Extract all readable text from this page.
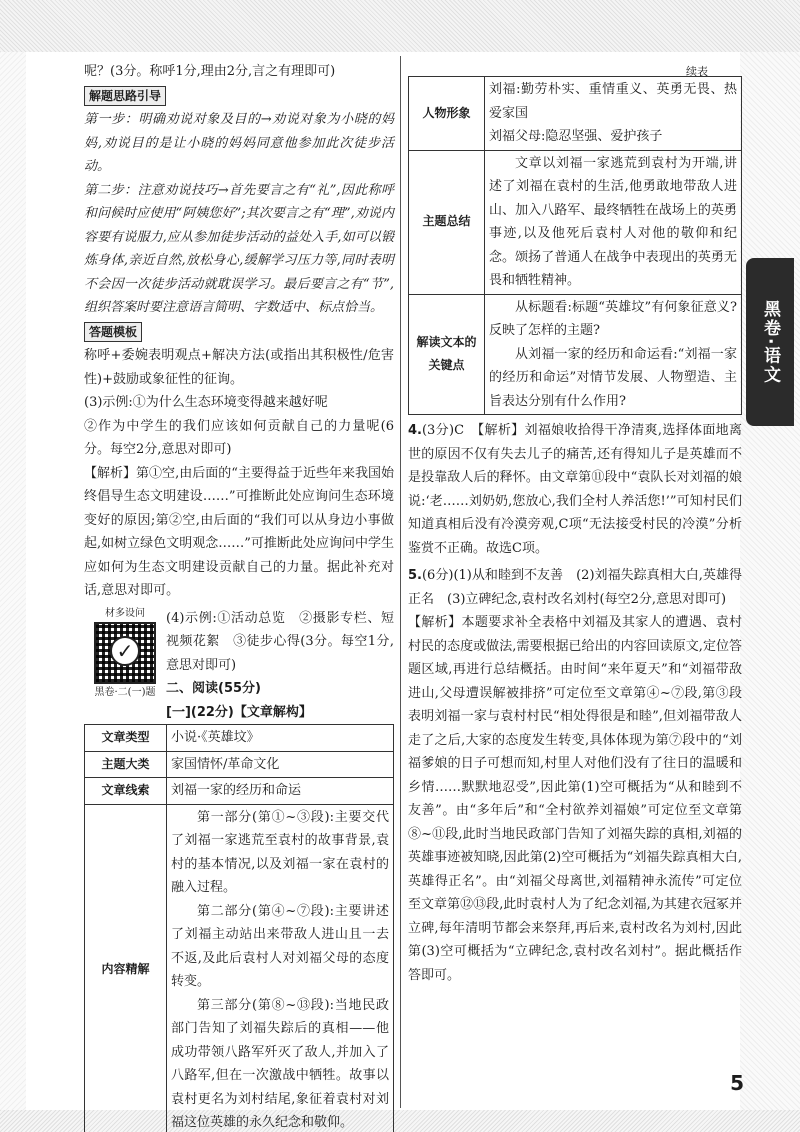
续表

呢？(3分。称呼1分,理由2分,言之有理即可)

解题思路引导

第一步：明确劝说对象及目的→劝说对象为小晓的妈妈,劝说目的是让小晓的妈妈同意他参加此次徒步活动。

第二步：注意劝说技巧→首先要言之有“礼”,因此称呼和问候时应使用“阿姨您好”;其次要言之有“理”,劝说内容要有说服力,应从参加徒步活动的益处入手,如可以锻炼身体,亲近自然,放松身心,缓解学习压力等,同时表明不会因一次徒步活动就耽误学习。最后要言之有“节”,组织答案时要注意语言简明、字数适中、标点恰当。

答题模板

称呼+委婉表明观点+解决方法(或指出其积极性/危害性)+鼓励或象征性的征询。

(3)示例:①为什么生态环境变得越来越好呢

②作为中学生的我们应该如何贡献自己的力量呢(6分。每空2分,意思对即可)

【解析】第①空,由后面的“主要得益于近些年来我国始终倡导生态文明建设……”可推断此处应询问生态环境变好的原因;第②空,由后面的“我们可以从身边小事做起,如树立绿色文明观念……”可推断此处应询问中学生应如何为生态文明建设贡献自己的力量。据此补充对话,意思对即可。

材多设问
✓
黑卷·二(一)题

(4)示例:①活动总览　②摄影专栏、短视频花絮　③徒步心得(3分。每空1分,意思对即可)

二、阅读(55分)

[一](22分)【文章解构】

文章类型	小说·《英雄坟》
主题大类	家国情怀/革命文化
文章线索	刘福一家的经历和命运
内容精解	第一部分(第①~③段):主要交代了刘福一家逃荒至袁村的故事背景,袁村的基本情况,以及刘福一家在袁村的融入过程。

第二部分(第④~⑦段):主要讲述了刘福主动站出来带敌人进山且一去不返,及此后袁村人对刘福父母的态度转变。

第三部分(第⑧~⑬段):当地民政部门告知了刘福失踪后的真相——他成功带领八路军歼灭了敌人,并加入了八路军,但在一次激战中牺牲。故事以袁村更名为刘村结尾,象征着袁村对刘福这位英雄的永久纪念和敬仰。

人物形象	刘福:勤劳朴实、重情重义、英勇无畏、热爱家国

刘福父母:隐忍坚强、爱护孩子

主题总结	文章以刘福一家逃荒到袁村为开端,讲述了刘福在袁村的生活,他勇敢地带敌人进山、加入八路军、最终牺牲在战场上的英勇事迹,以及他死后袁村人对他的敬仰和纪念。颂扬了普通人在战争中表现出的英勇无畏和牺牲精神。

解读文本的关键点	从标题看:标题“英雄坟”有何象征意义?反映了怎样的主题?

从刘福一家的经历和命运看:“刘福一家的经历和命运”对情节发展、人物塑造、主旨表达分别有什么作用?

4.(3分)C　【解析】刘福娘收拾得干净清爽,选择体面地离世的原因不仅有失去儿子的痛苦,还有得知儿子是英雄而不是投靠敌人后的释怀。由文章第⑪段中“袁队长对刘福的娘说:‘老……刘奶奶,您放心,我们全村人养活您!’”可知村民们知道真相后没有冷漠旁观,C项“无法接受村民的冷漠”分析鉴赏不正确。故选C项。

5.(6分)(1)从和睦到不友善　(2)刘福失踪真相大白,英雄得正名　(3)立碑纪念,袁村改名刘村(每空2分,意思对即可)

【解析】本题要求补全表格中刘福及其家人的遭遇、袁村村民的态度或做法,需要根据已给出的内容回读原文,定位答题区域,再进行总结概括。由时间“来年夏天”和“刘福带敌进山,父母遭误解被排挤”可定位至文章第④~⑦段,第③段表明刘福一家与袁村村民“相处得很是和睦”,但刘福带敌人走了之后,大家的态度发生转变,具体体现为第⑦段中的“刘福爹娘的日子可想而知,村里人对他们没有了往日的温暖和乡情……默默地忍受”,因此第(1)空可概括为“从和睦到不友善”。由“多年后”和“全村欲养刘福娘”可定位至文章第⑧~⑪段,此时当地民政部门告知了刘福失踪的真相,刘福的英雄事迹被知晓,因此第(2)空可概括为“刘福失踪真相大白,英雄得正名”。由“刘福父母离世,刘福精神永流传”可定位至文章第⑫⑬段,此时袁村人为了纪念刘福,为其建衣冠冢并立碑,每年清明节都会来祭拜,再后来,袁村改名为刘村,因此第(3)空可概括为“立碑纪念,袁村改名刘村”。据此概括作答即可。

黑卷·语文
5
